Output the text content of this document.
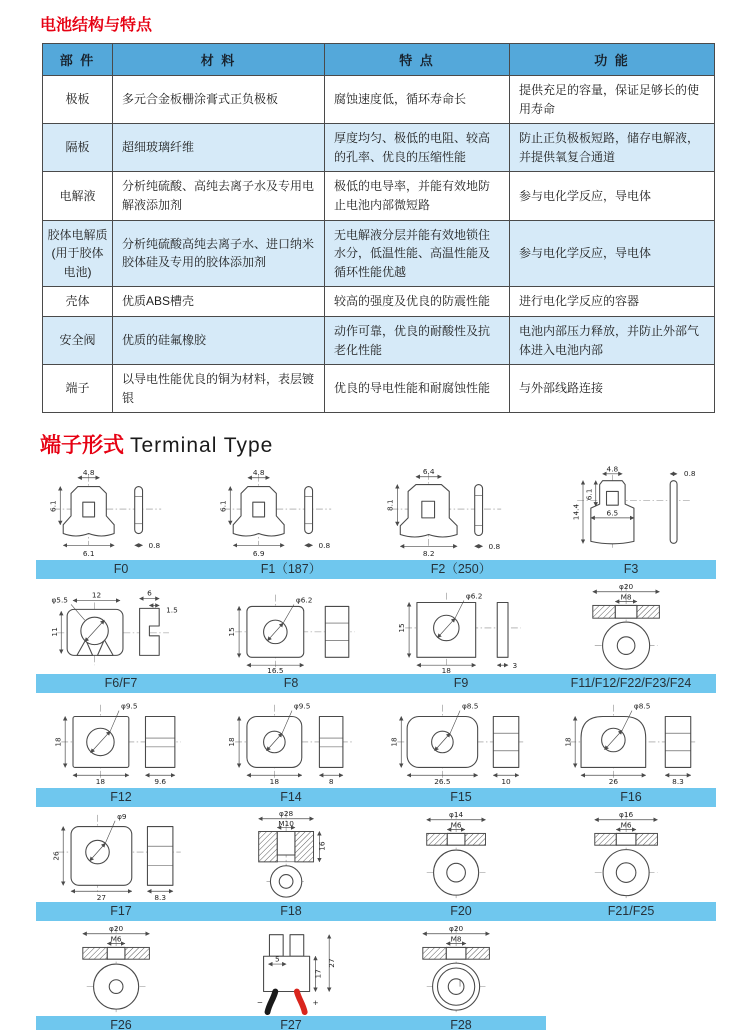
电池结构与特点
部 件	材 料	特 点	功 能
极板	多元合金板栅涂膏式正负极板	腐蚀速度低，循环寿命长	提供充足的容量，保证足够长的使用寿命
隔板	超细玻璃纤维	厚度均匀、极低的电阻、较高的孔率、优良的压缩性能	防止正负极板短路，储存电解液，并提供氧复合通道
电解液	分析纯硫酸、高纯去离子水及专用电解液添加剂	极低的电导率，并能有效地防止电池内部微短路	参与电化学反应，导电体
胶体电解质(用于胶体电池)	分析纯硫酸高纯去离子水、进口纳米胶体硅及专用的胶体添加剂	无电解液分层并能有效地锁住水分，低温性能、高温性能及循环性能优越	参与电化学反应，导电体
壳体	优质ABS槽壳	较高的强度及优良的防震性能	进行电化学反应的容器
安全阀	优质的硅氟橡胶	动作可靠，优良的耐酸性及抗老化性能	电池内部压力释放，并防止外部气体进入电池内部
端子	以导电性能优良的铜为材料，表层镀银	优良的导电性能和耐腐蚀性能	与外部线路连接
端子形式 Terminal Type
4.8
6.1
6.1
0.8
4.8
6.1
6.9
0.8
6.4
8.1
8.2
0.8
4.8	0.8
6.1
14.4	6.5
F0	F1（187）	F2（250）	F3
φ5.5
12
11
6
1.5
φ6.2
15
16.5
φ6.2
15
18
3
φ20
M8
F6/F7	F8	F9	F11/F12/F22/F23/F24
φ9.5
18
18	9.6
φ9.5
18
18	8
φ8.5
18
26.5	10
φ8.5
18
26	8.3
F12	F14	F15	F16
φ9
26
27	8.3
φ28
M10
16
φ14
M6
φ16
M6
F17	F18	F20	F21/F25
φ20
M6
5
17
27
−	+
φ20
M8
F26	F27	F28
